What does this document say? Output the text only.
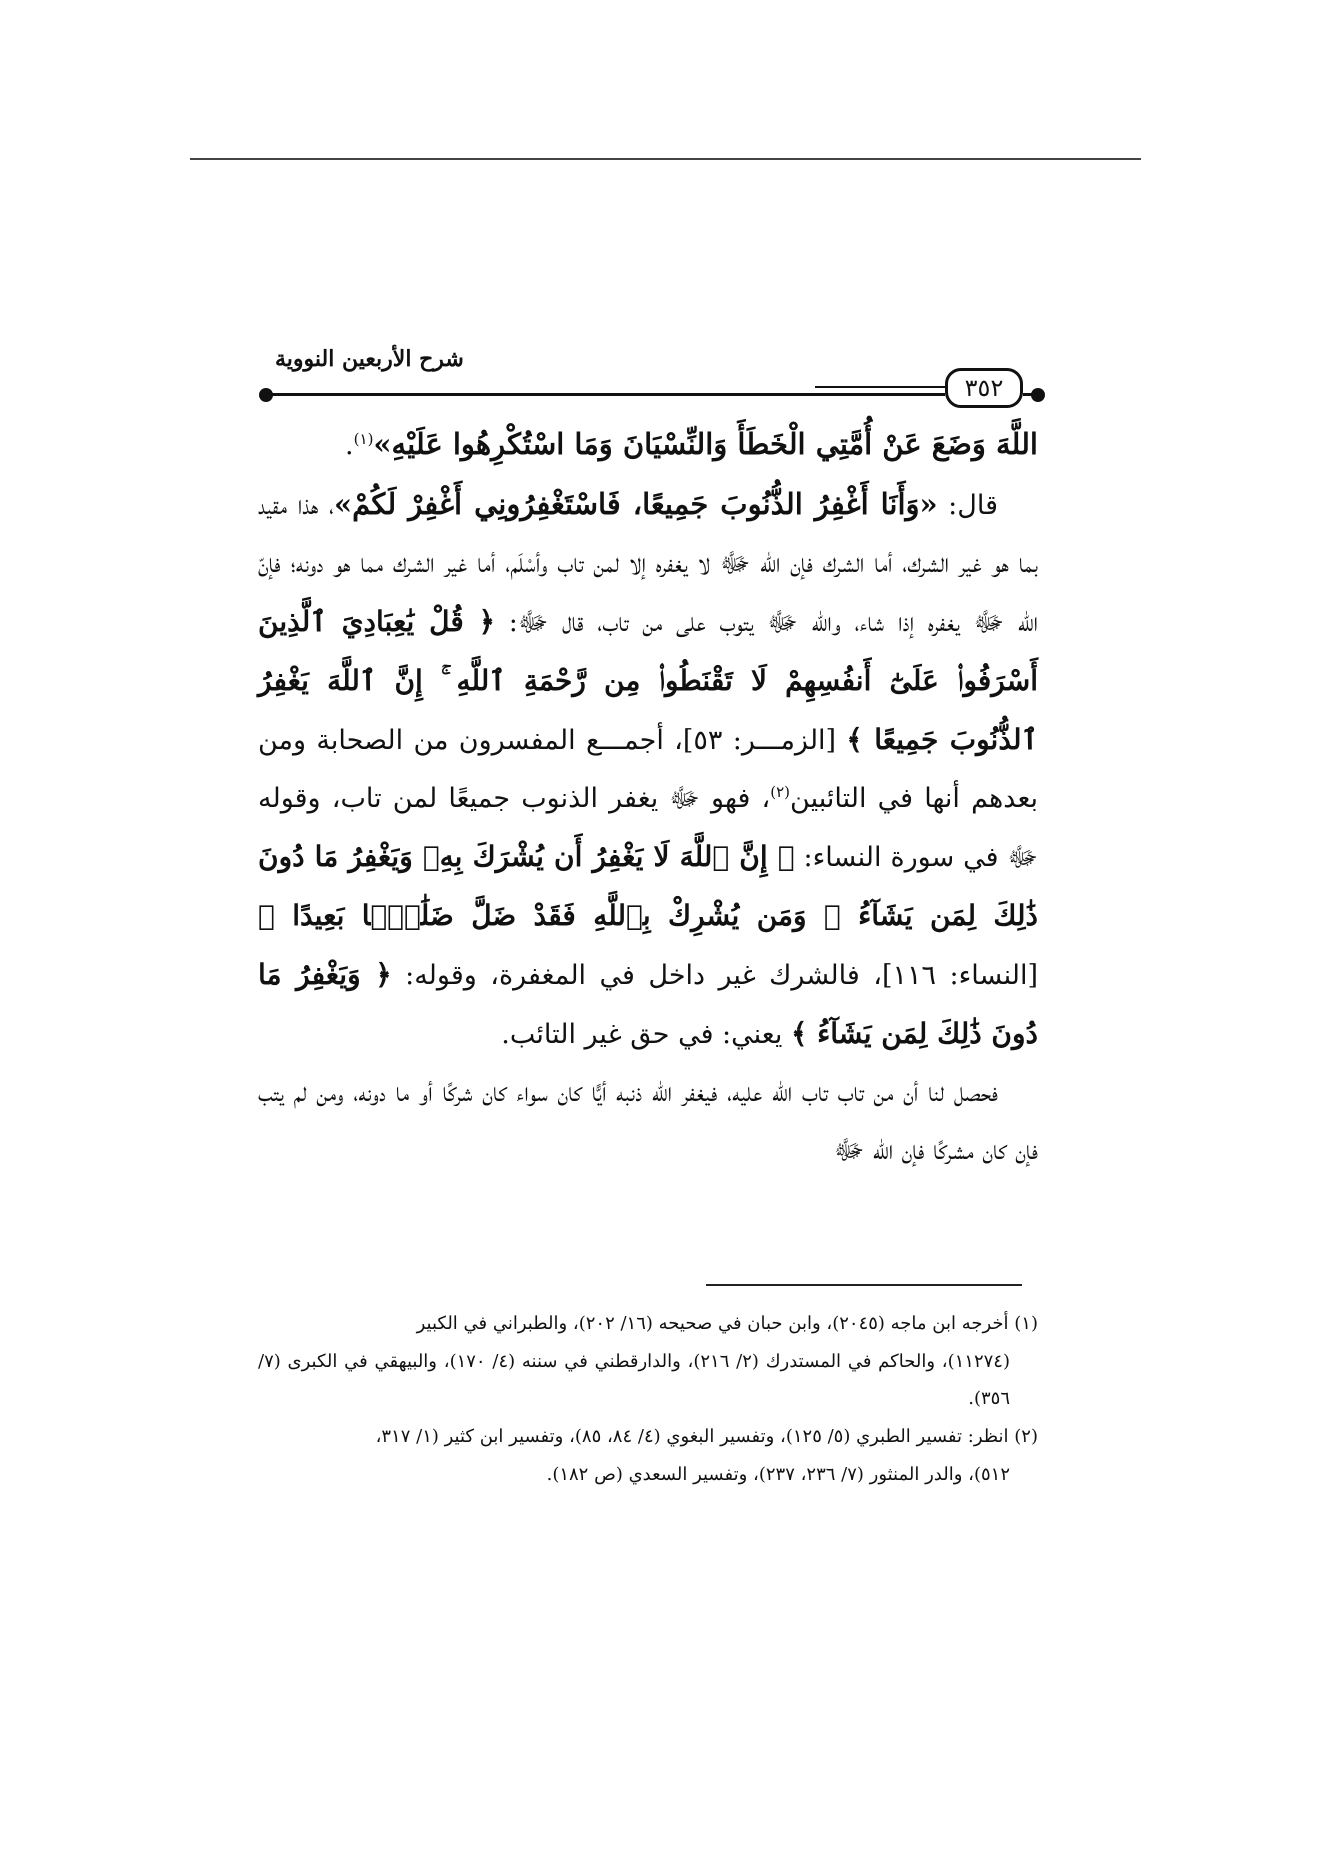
شرح الأربعين النووية
٣٥٢

اللَّهَ وَضَعَ عَنْ أُمَّتِي الْخَطَأَ وَالنِّسْيَانَ وَمَا اسْتُكْرِهُوا عَلَيْهِ»$^{(١)}$.

قال: «وَأَنَا أَغْفِرُ الذُّنُوبَ جَمِيعًا، فَاسْتَغْفِرُونِي أَغْفِرْ لَكُمْ»، هذا مقيد بما هو غير الشرك، أما الشرك فإن الله ﷻ لا يغفره إلا لمن تاب وأسْلَم، أما غير الشرك مما هو دونه؛ فإنّ الله ﷻ يغفره إذا شاء، والله ﷻ يتوب على من تاب، قال ﷻ: ﴿ قُلْ يَٰعِبَادِيَ ٱلَّذِينَ أَسْرَفُوا۟ عَلَىٰٓ أَنفُسِهِمْ لَا تَقْنَطُوا۟ مِن رَّحْمَةِ ٱللَّهِ ۚ إِنَّ ٱللَّهَ يَغْفِرُ ٱلذُّنُوبَ جَمِيعًا ﴾ [الزمـــر: ٥٣]، أجمـــع المفسرون من الصحابة ومن بعدهم أنها في التائبين$^{(٢)}$، فهو ﷻ يغفر الذنوب جميعًا لمن تاب، وقوله ﷻ في سورة النساء: ﴿ إِنَّ ٱللَّهَ لَا يَغْفِرُ أَن يُشْرَكَ بِهِۦ وَيَغْفِرُ مَا دُونَ ذَٰلِكَ لِمَن يَشَآءُ ۚ وَمَن يُشْرِكْ بِٱللَّهِ فَقَدْ ضَلَّ ضَلَٰلًۢا بَعِيدًا ﴾ [النساء: ١١٦]، فالشرك غير داخل في المغفرة، وقوله: ﴿ وَيَغْفِرُ مَا دُونَ ذَٰلِكَ لِمَن يَشَآءُ ﴾ يعني: في حق غير التائب.

فحصل لنا أن من تاب تاب الله عليه، فيغفر الله ذنبه أيًّا كان سواء كان شركًا أو ما دونه، ومن لم يتب فإن كان مشركًا فإن الله ﷻ

(١) أخرجه ابن ماجه (٢٠٤٥)، وابن حبان في صحيحه (١٦/ ٢٠٢)، والطبراني في الكبير

(١١٢٧٤)، والحاكم في المستدرك (٢/ ٢١٦)، والدارقطني في سننه (٤/ ١٧٠)، والبيهقي في الكبرى (٧/ ٣٥٦).

(٢) انظر: تفسير الطبري (٥/ ١٢٥)، وتفسير البغوي (٤/ ٨٤، ٨٥)، وتفسير ابن كثير (١/ ٣١٧،

٥١٢)، والدر المنثور (٧/ ٢٣٦، ٢٣٧)، وتفسير السعدي (ص ١٨٢).
